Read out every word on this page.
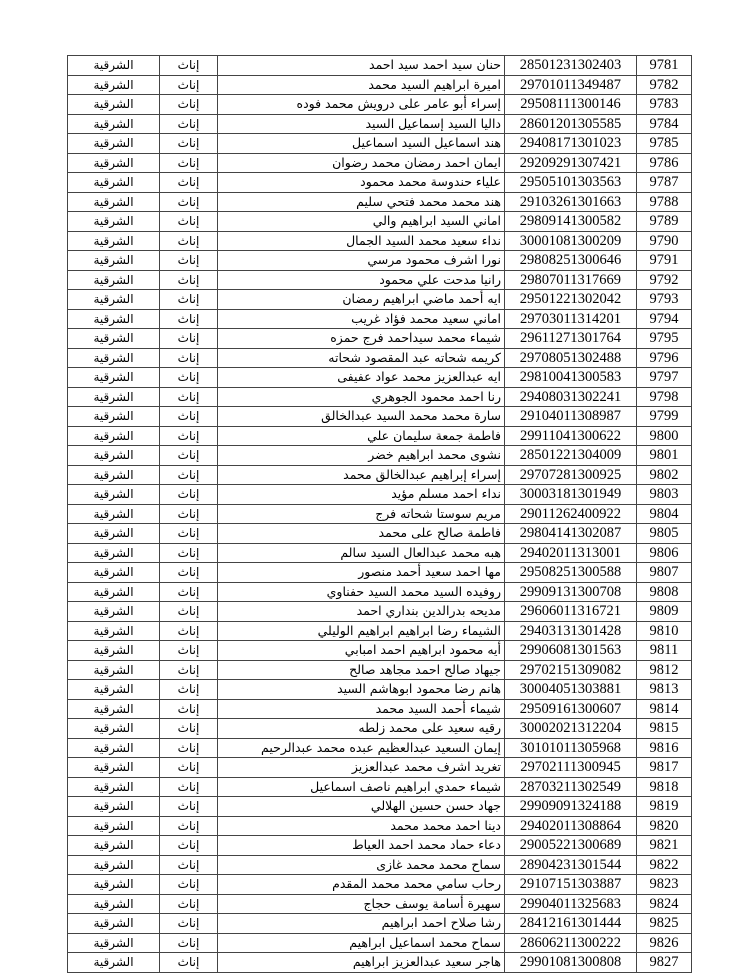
9781	28501231302403	حنان سيد احمد سيد احمد	إناث	الشرقية
9782	29701011349487	اميرة ابراهيم السيد محمد	إناث	الشرقية
9783	29508111300146	إسراء أبو عامر على درويش محمد فوده	إناث	الشرقية
9784	28601201305585	داليا السيد إسماعيل السيد	إناث	الشرقية
9785	29408171301023	هند اسماعيل السيد اسماعيل	إناث	الشرقية
9786	29209291307421	ايمان احمد رمضان محمد رضوان	إناث	الشرقية
9787	29505101303563	علياء حندوسة محمد محمود	إناث	الشرقية
9788	29103261301663	هند محمد محمد فتحي سليم	إناث	الشرقية
9789	29809141300582	اماني السيد ابراهيم والي	إناث	الشرقية
9790	30001081300209	نداء سعيد محمد السيد الجمال	إناث	الشرقية
9791	29808251300646	نورا اشرف محمود مرسي	إناث	الشرقية
9792	29807011317669	رانيا مدحت علي محمود	إناث	الشرقية
9793	29501221302042	ايه أحمد ماضي ابراهيم رمضان	إناث	الشرقية
9794	29703011314201	اماني سعيد محمد فؤاد غريب	إناث	الشرقية
9795	29611271301764	شيماء محمد سيداحمد فرج حمزه	إناث	الشرقية
9796	29708051302488	كريمه شحاته عبد المقصود شحاته	إناث	الشرقية
9797	29810041300583	ايه عبدالعزيز محمد عواد عفيفى	إناث	الشرقية
9798	29408031302241	رنا احمد محمود الجوهري	إناث	الشرقية
9799	29104011308987	سارة محمد محمد السيد عبدالخالق	إناث	الشرقية
9800	29911041300622	فاطمة جمعة سليمان علي	إناث	الشرقية
9801	28501221304009	نشوى محمد ابراهيم خضر	إناث	الشرقية
9802	29707281300925	إسراء إبراهيم عبدالخالق محمد	إناث	الشرقية
9803	30003181301949	نداء احمد مسلم مؤيد	إناث	الشرقية
9804	29011262400922	مريم سوستا شحاته فرج	إناث	الشرقية
9805	29804141302087	فاطمة صالح على محمد	إناث	الشرقية
9806	29402011313001	هبه محمد عبدالعال السيد سالم	إناث	الشرقية
9807	29508251300588	مها احمد سعيد أحمد منصور	إناث	الشرقية
9808	29909131300708	روفيده السيد محمد السيد حفناوي	إناث	الشرقية
9809	29606011316721	مديحه بدرالدين بنداري احمد	إناث	الشرقية
9810	29403131301428	الشيماء رضا ابراهيم ابراهيم الوليلي	إناث	الشرقية
9811	29906081301563	أيه محمود ابراهيم احمد امبابي	إناث	الشرقية
9812	29702151309082	جيهاد صالح احمد مجاهد صالح	إناث	الشرقية
9813	30004051303881	هانم رضا محمود ابوهاشم السيد	إناث	الشرقية
9814	29509161300607	شيماء أحمد السيد محمد	إناث	الشرقية
9815	30002021312204	رقيه سعيد على محمد زلطه	إناث	الشرقية
9816	30101011305968	إيمان السعيد عبدالعظيم عبده محمد عبدالرحيم	إناث	الشرقية
9817	29702111300945	تغريد اشرف محمد عبدالعزيز	إناث	الشرقية
9818	28703211302549	شيماء حمدي ابراهيم ناصف اسماعيل	إناث	الشرقية
9819	29909091324188	جهاد حسن حسين الهلالي	إناث	الشرقية
9820	29402011308864	دينا احمد محمد محمد	إناث	الشرقية
9821	29005221300689	دعاء حماد محمد احمد العياط	إناث	الشرقية
9822	28904231301544	سماح محمد محمد غازى	إناث	الشرقية
9823	29107151303887	رحاب سامي محمد محمد المقدم	إناث	الشرقية
9824	29904011325683	سهيرة أسامة يوسف حجاج	إناث	الشرقية
9825	28412161301444	رشا صلاح احمد ابراهيم	إناث	الشرقية
9826	28606211300222	سماح محمد اسماعيل ابراهيم	إناث	الشرقية
9827	29901081300808	هاجر سعيد عبدالعزيز ابراهيم	إناث	الشرقية
